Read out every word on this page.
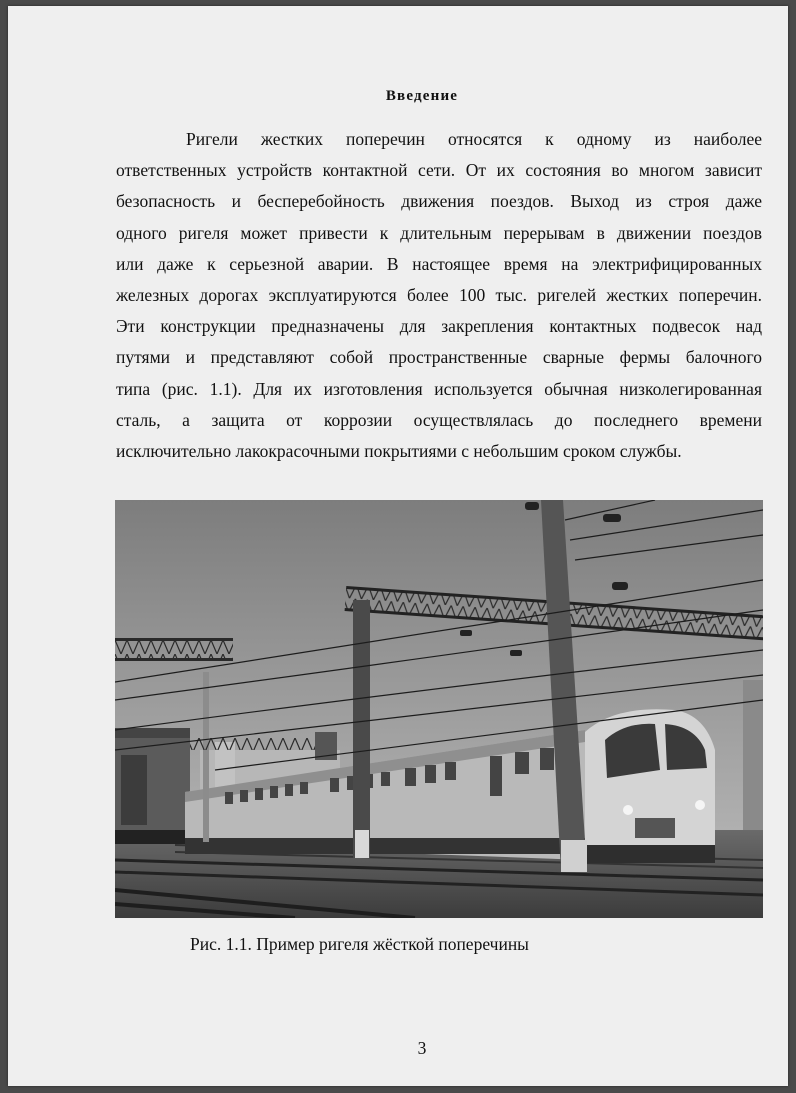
Введение
Ригели жестких поперечин относятся к одному из наиболее
ответственных устройств контактной сети. От их состояния во многом зависит
безопасность и бесперебойность движения поездов. Выход из строя даже
одного ригеля может привести к длительным перерывам в движении поездов
или даже к серьезной аварии. В настоящее время на электрифицированных
железных дорогах эксплуатируются более 100 тыс. ригелей жестких поперечин.
Эти конструкции предназначены для закрепления контактных подвесок над
путями и представляют собой пространственные сварные фермы балочного
типа (рис. 1.1). Для их изготовления используется обычная низколегированная
сталь, а защита от коррозии осуществлялась до последнего времени
исключительно лакокрасочными покрытиями с небольшим сроком службы.
Рис. 1.1. Пример ригеля жёсткой поперечины
3
